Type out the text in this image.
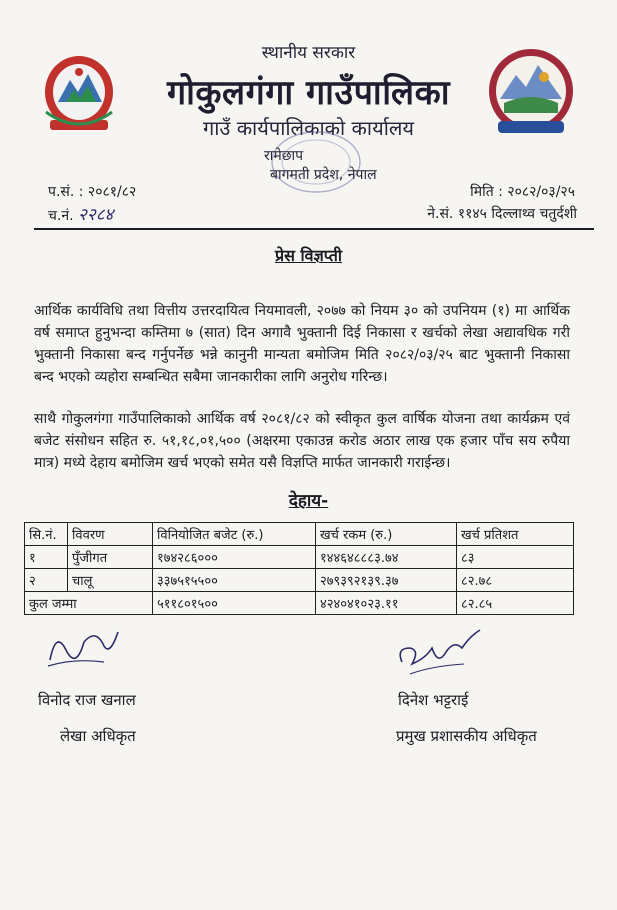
स्थानीय सरकार
गोकुलगंगा गाउँपालिका
गाउँ कार्यपालिकाको कार्यालय
रामेछाप
बागमती प्रदेश, नेपाल
प.सं. : २०८१/८२
च.नं. २२८४
मिति : २०८२/०३/२५
ने.सं. ११४५ दिल्लाथ्व चतुर्दशी
प्रेस विज्ञप्ती
आर्थिक कार्यविधि तथा वित्तीय उत्तरदायित्व नियमावली, २०७७ को नियम ३० को उपनियम (१) मा आर्थिक वर्ष समाप्त हुनुभन्दा कम्तिमा ७ (सात) दिन अगावै भुक्तानी दिई निकासा र खर्चको लेखा अद्यावधिक गरी भुक्तानी निकासा बन्द गर्नुपर्नेछ भन्ने कानुनी मान्यता बमोजिम मिति २०८२/०३/२५ बाट भुक्तानी निकासा बन्द भएको व्यहोरा सम्बन्धित सबैमा जानकारीका लागि अनुरोध गरिन्छ।
साथै गोकुलगंगा गाउँपालिकाको आर्थिक वर्ष २०८१/८२ को स्वीकृत कुल वार्षिक योजना तथा कार्यक्रम एवं बजेट संसोधन सहित रु. ५१,१८,०१,५०० (अक्षरमा एकाउन्न करोड अठार लाख एक हजार पाँच सय रुपैया मात्र) मध्ये देहाय बमोजिम खर्च भएको समेत यसै विज्ञप्ति मार्फत जानकारी गराईन्छ।
देहाय-
सि.नं.	विवरण	विनियोजित बजेट (रु.)	खर्च रकम (रु.)	खर्च प्रतिशत
१	पुँजीगत	१७४२८६०००	१४४६४८८८३.७४	८३
२	चालू	३३७५१५५००	२७९३९२१३९.३७	८२.७८
कुल जम्मा		५११८०१५००	४२४०४१०२३.११	८२.८५
विनोद राज खनाल	दिनेश भट्टराई
लेखा अधिकृत	प्रमुख प्रशासकीय अधिकृत
